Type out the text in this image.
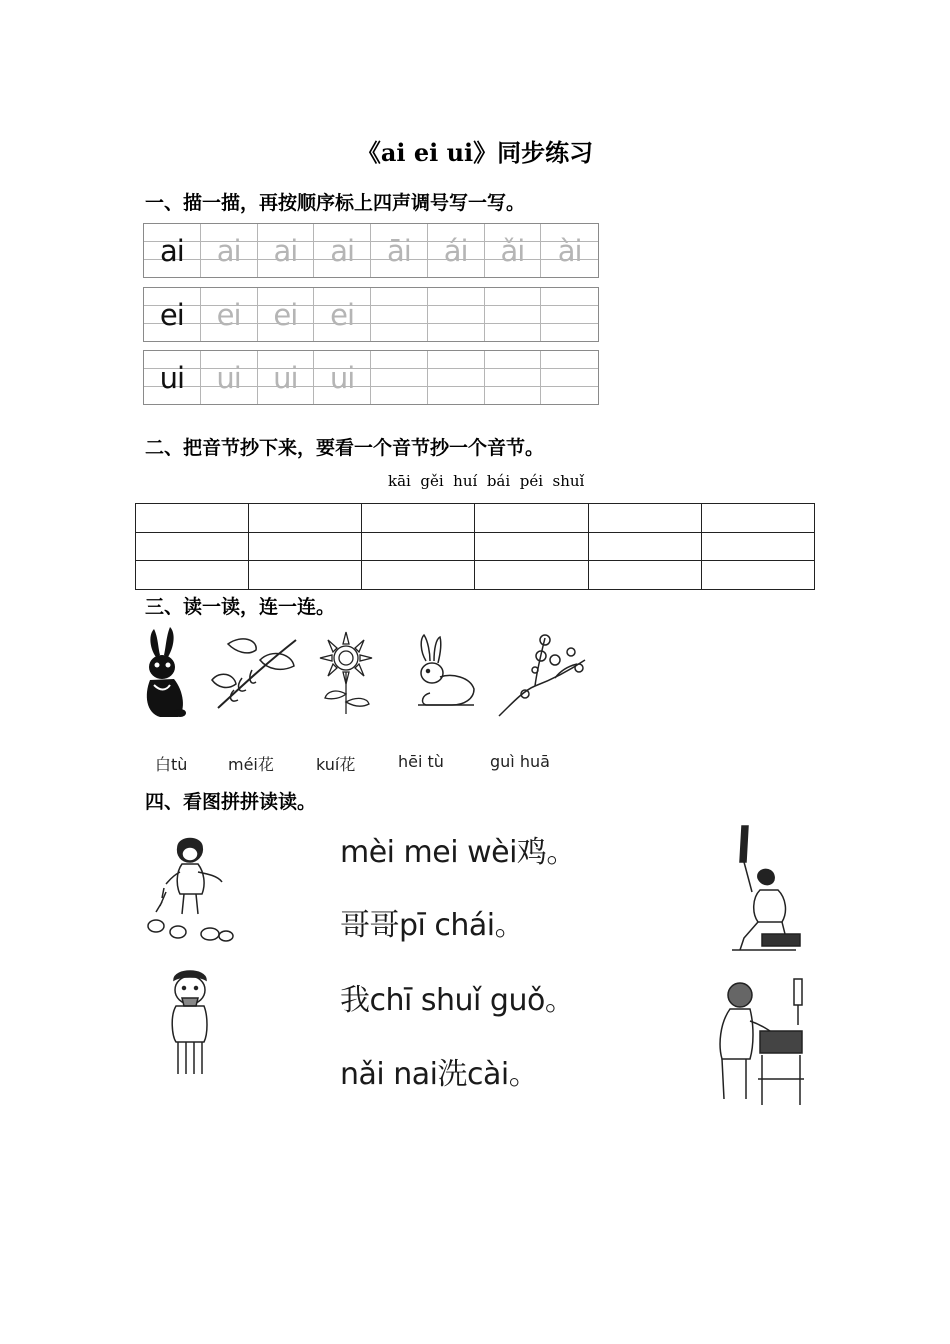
《ai ei ui》同步练习
一、描一描，再按顺序标上四声调号写一写。
ai	ai	ai	ai	āi	ái	ǎi	ài
ei	ei	ei	ei
ui	ui	ui	ui
二、把音节抄下来，要看一个音节抄一个音节。
kāi  gěi  huí  bái  péi  shuǐ

三、读一读，连一连。
白tù	méi花	kuí花	hēi tù	guì huā
四、看图拼拼读读。
mèi mei wèi鸡。
哥哥pī chái。
我chī shuǐ guǒ。
nǎi nai洗cài。
